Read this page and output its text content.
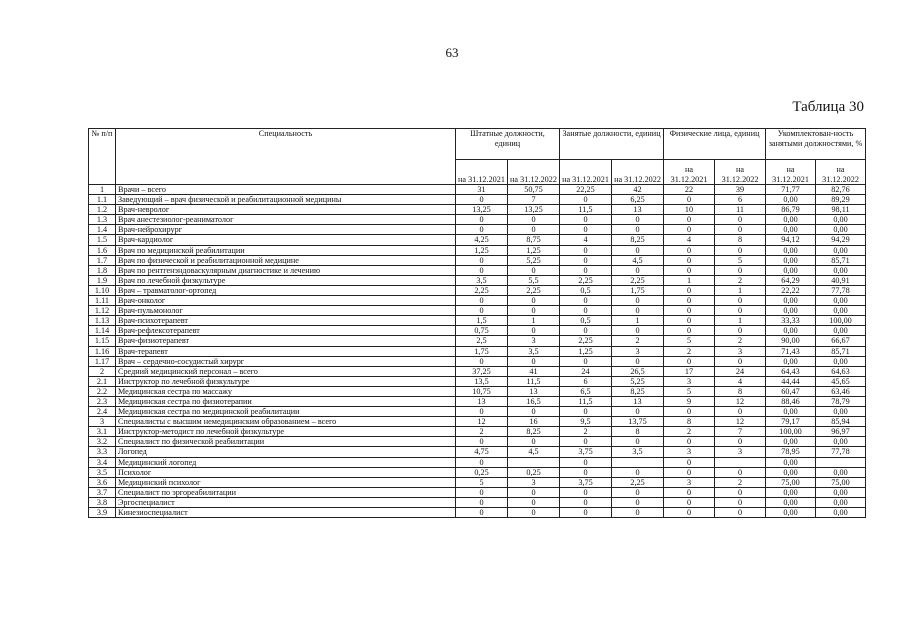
63
Таблица 30
№ п/п	Специальность	Штатные должности, единиц		Занятые должности, единиц		Физические лица, единиц		Укомплектован-ность занятыми должностями, %	
		на 31.12.2021	на 31.12.2022	на 31.12.2021	на 31.12.2022	на 31.12.2021	на 31.12.2022	на 31.12.2021	на 31.12.2022
1	Врачи – всего	31	50,75	22,25	42	22	39	71,77	82,76
1.1	Заведующий – врач физической и реабилитационной медицины	0	7	0	6,25	0	6	0,00	89,29
1.2	Врач-невролог	13,25	13,25	11,5	13	10	11	86,79	98,11
1.3	Врач анестезиолог-реаниматолог	0	0	0	0	0	0	0,00	0,00
1.4	Врач-нейрохирург	0	0	0	0	0	0	0,00	0,00
1.5	Врач-кардиолог	4,25	8,75	4	8,25	4	8	94,12	94,29
1.6	Врач по медицинской реабилитации	1,25	1,25	0	0	0	0	0,00	0,00
1.7	Врач по физической и реабилитационной медицине	0	5,25	0	4,5	0	5	0,00	85,71
1.8	Врач по рентгенэндоваскулярным диагностике и лечению	0	0	0	0	0	0	0,00	0,00
1.9	Врач по лечебной физкультуре	3,5	5,5	2,25	2,25	1	2	64,29	40,91
1.10	Врач – травматолог-ортопед	2,25	2,25	0,5	1,75	0	1	22,22	77,78
1.11	Врач-онколог	0	0	0	0	0	0	0,00	0,00
1.12	Врач-пульмонолог	0	0	0	0	0	0	0,00	0,00
1.13	Врач-психотерапевт	1,5	1	0,5	1	0	1	33,33	100,00
1.14	Врач-рефлексотерапевт	0,75	0	0	0	0	0	0,00	0,00
1.15	Врач-физиотерапевт	2,5	3	2,25	2	5	2	90,00	66,67
1.16	Врач-терапевт	1,75	3,5	1,25	3	2	3	71,43	85,71
1.17	Врач – сердечно-сосудистый хирург	0	0	0	0	0	0	0,00	0,00
2	Средний медицинский персонал – всего	37,25	41	24	26,5	17	24	64,43	64,63
2.1	Инструктор по лечебной физкультуре	13,5	11,5	6	5,25	3	4	44,44	45,65
2.2	Медицинская сестра по массажу	10,75	13	6,5	8,25	5	8	60,47	63,46
2.3	Медицинская сестра по физиотерапии	13	16,5	11,5	13	9	12	88,46	78,79
2.4	Медицинская сестра по медицинской реабилитации	0	0	0	0	0	0	0,00	0,00
3	Специалисты с высшим немедицинским образованием – всего	12	16	9,5	13,75	8	12	79,17	85,94
3.1	Инструктор-методист по лечебной физкультуре	2	8,25	2	8	2	7	100,00	96,97
3.2	Специалист по физической реабилитации	0	0	0	0	0	0	0,00	0,00
3.3	Логопед	4,75	4,5	3,75	3,5	3	3	78,95	77,78
3.4	Медицинский логопед	0		0		0		0,00	
3.5	Психолог	0,25	0,25	0	0	0	0	0,00	0,00
3.6	Медицинский психолог	5	3	3,75	2,25	3	2	75,00	75,00
3.7	Специалист по эргореабилитации	0	0	0	0	0	0	0,00	0,00
3.8	Эргоспециалист	0	0	0	0	0	0	0,00	0,00
3.9	Кинезиоспециалист	0	0	0	0	0	0	0,00	0,00
